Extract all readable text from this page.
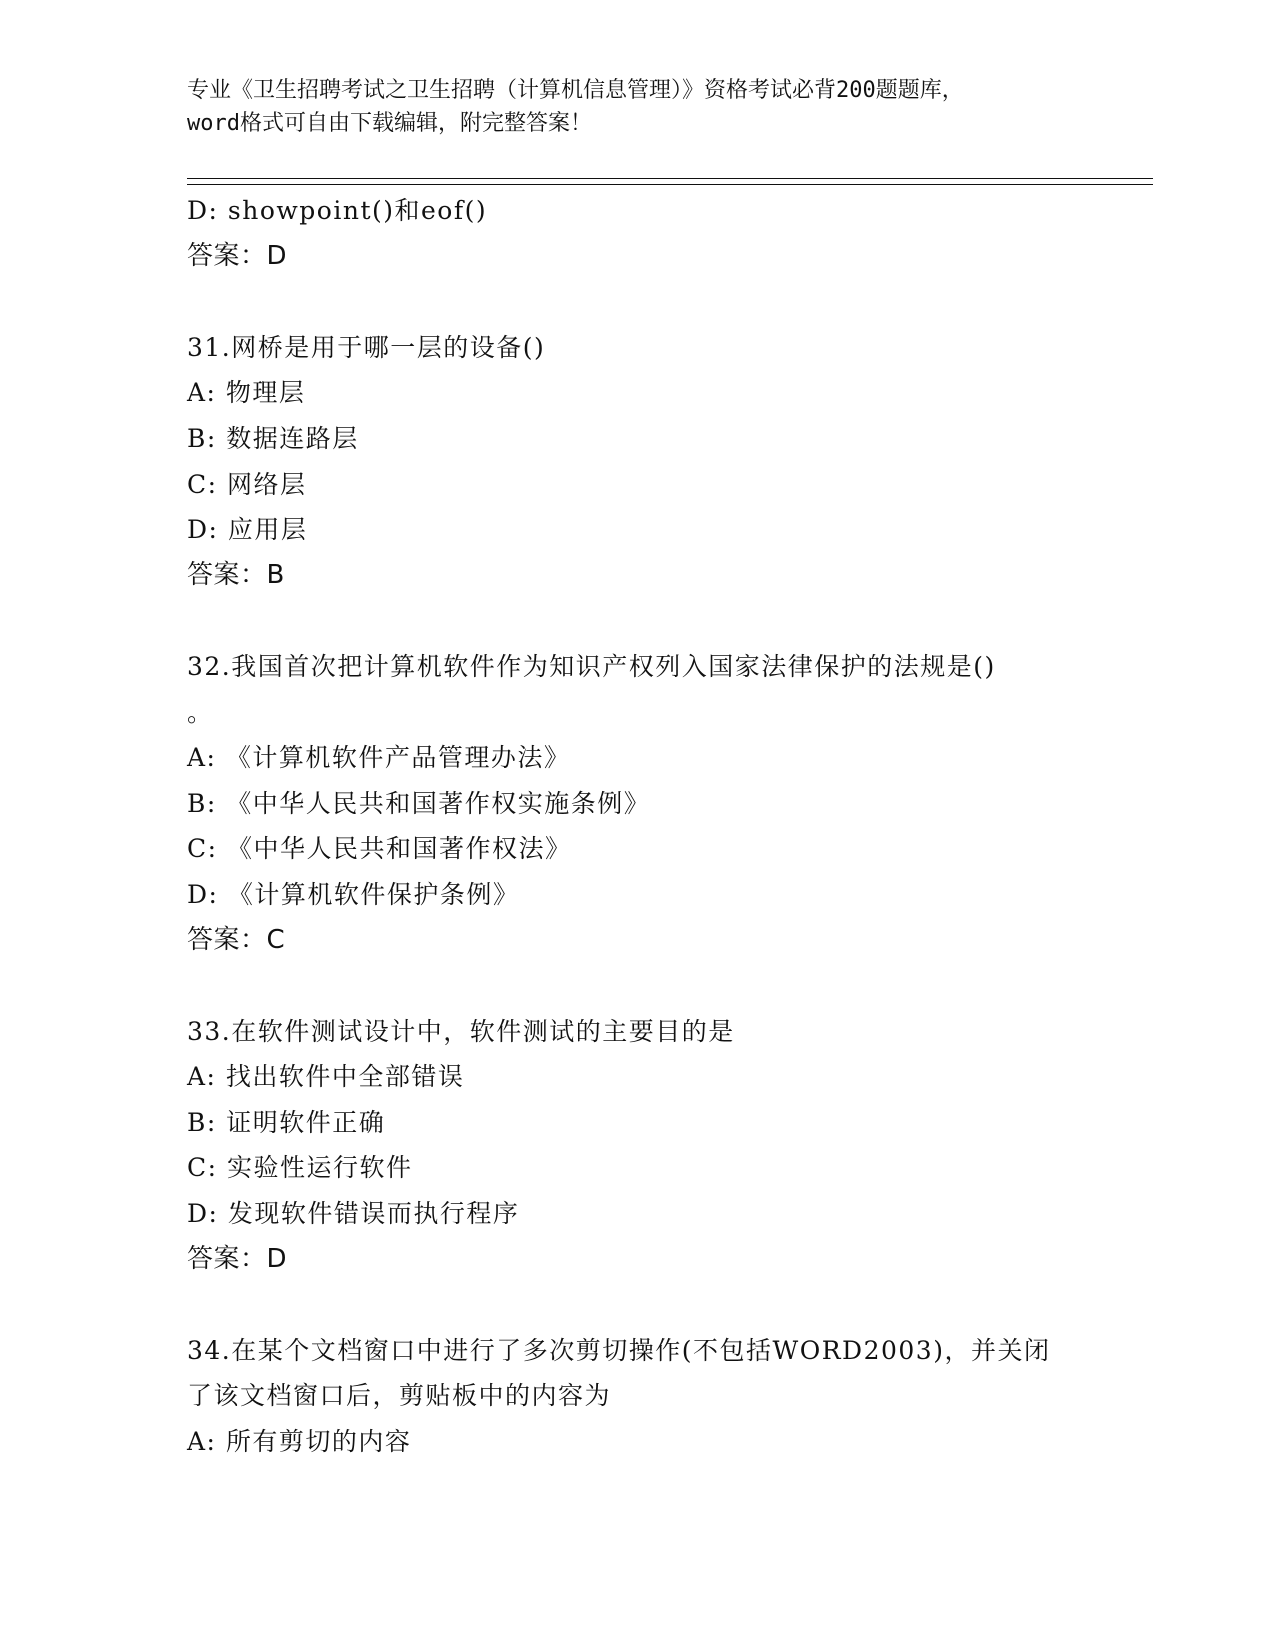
专业《卫生招聘考试之卫生招聘（计算机信息管理）》资格考试必背200题题库，
word格式可自由下载编辑，附完整答案！
D: showpoint()和eof()
答案：D
31.网桥是用于哪一层的设备()
A: 物理层
B: 数据连路层
C: 网络层
D: 应用层
答案：B
32.我国首次把计算机软件作为知识产权列入国家法律保护的法规是()
。
A: 《计算机软件产品管理办法》
B: 《中华人民共和国著作权实施条例》
C: 《中华人民共和国著作权法》
D: 《计算机软件保护条例》
答案：C
33.在软件测试设计中，软件测试的主要目的是
A: 找出软件中全部错误
B: 证明软件正确
C: 实验性运行软件
D: 发现软件错误而执行程序
答案：D
34.在某个文档窗口中进行了多次剪切操作(不包括WORD2003)，并关闭
了该文档窗口后，剪贴板中的内容为
A: 所有剪切的内容
